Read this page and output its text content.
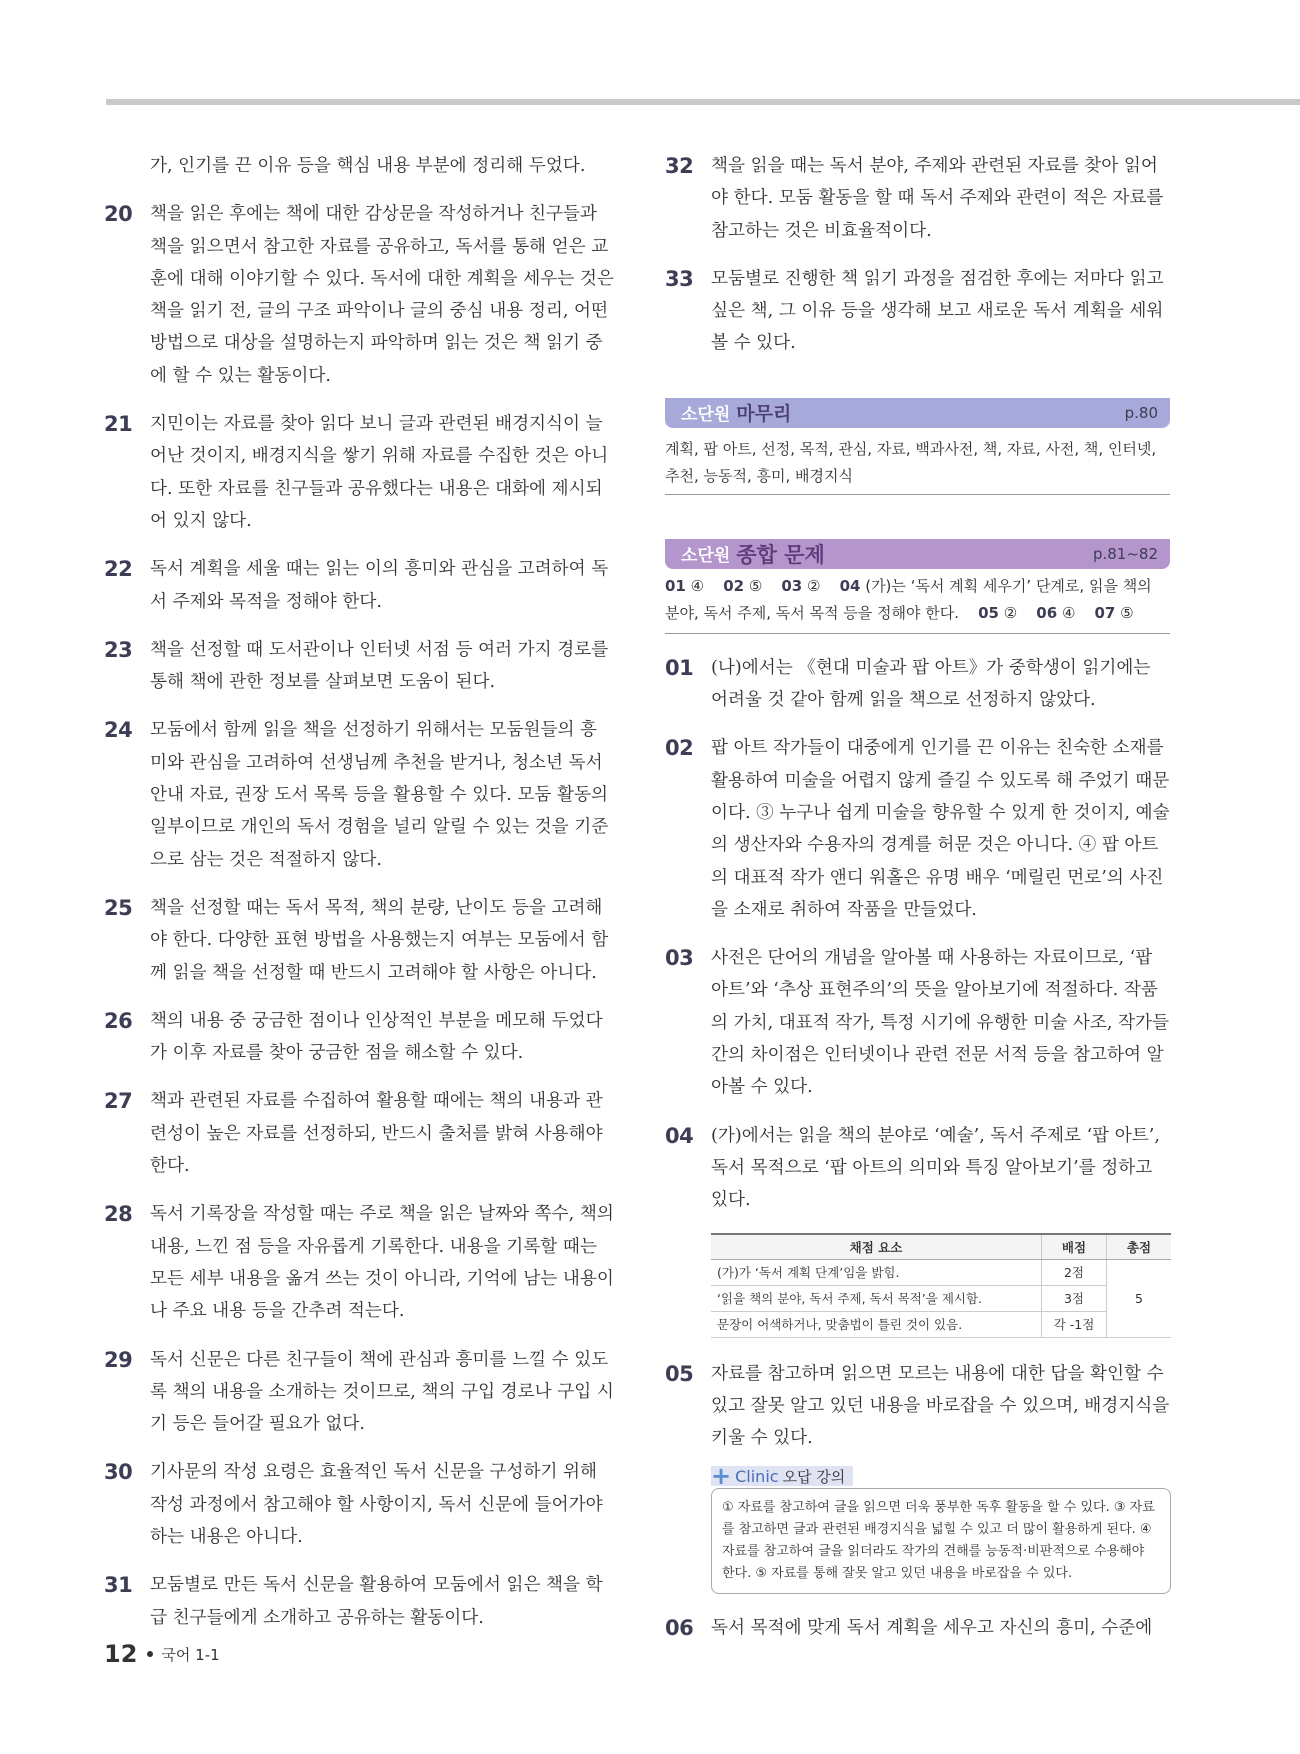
가, 인기를 끈 이유 등을 핵심 내용 부분에 정리해 두었다.
20 책을 읽은 후에는 책에 대한 감상문을 작성하거나 친구들과 책을 읽으면서 참고한 자료를 공유하고, 독서를 통해 얻은 교훈에 대해 이야기할 수 있다. 독서에 대한 계획을 세우는 것은 책을 읽기 전, 글의 구조 파악이나 글의 중심 내용 정리, 어떤 방법으로 대상을 설명하는지 파악하며 읽는 것은 책 읽기 중에 할 수 있는 활동이다.
21 지민이는 자료를 찾아 읽다 보니 글과 관련된 배경지식이 늘어난 것이지, 배경지식을 쌓기 위해 자료를 수집한 것은 아니다. 또한 자료를 친구들과 공유했다는 내용은 대화에 제시되어 있지 않다.
22 독서 계획을 세울 때는 읽는 이의 흥미와 관심을 고려하여 독서 주제와 목적을 정해야 한다.
23 책을 선정할 때 도서관이나 인터넷 서점 등 여러 가지 경로를 통해 책에 관한 정보를 살펴보면 도움이 된다.
24 모둠에서 함께 읽을 책을 선정하기 위해서는 모둠원들의 흥미와 관심을 고려하여 선생님께 추천을 받거나, 청소년 독서 안내 자료, 권장 도서 목록 등을 활용할 수 있다. 모둠 활동의 일부이므로 개인의 독서 경험을 널리 알릴 수 있는 것을 기준으로 삼는 것은 적절하지 않다.
25 책을 선정할 때는 독서 목적, 책의 분량, 난이도 등을 고려해야 한다. 다양한 표현 방법을 사용했는지 여부는 모둠에서 함께 읽을 책을 선정할 때 반드시 고려해야 할 사항은 아니다.
26 책의 내용 중 궁금한 점이나 인상적인 부분을 메모해 두었다가 이후 자료를 찾아 궁금한 점을 해소할 수 있다.
27 책과 관련된 자료를 수집하여 활용할 때에는 책의 내용과 관련성이 높은 자료를 선정하되, 반드시 출처를 밝혀 사용해야 한다.
28 독서 기록장을 작성할 때는 주로 책을 읽은 날짜와 쪽수, 책의 내용, 느낀 점 등을 자유롭게 기록한다. 내용을 기록할 때는 모든 세부 내용을 옮겨 쓰는 것이 아니라, 기억에 남는 내용이나 주요 내용 등을 간추려 적는다.
29 독서 신문은 다른 친구들이 책에 관심과 흥미를 느낄 수 있도록 책의 내용을 소개하는 것이므로, 책의 구입 경로나 구입 시기 등은 들어갈 필요가 없다.
30 기사문의 작성 요령은 효율적인 독서 신문을 구성하기 위해 작성 과정에서 참고해야 할 사항이지, 독서 신문에 들어가야 하는 내용은 아니다.
31 모둠별로 만든 독서 신문을 활용하여 모둠에서 읽은 책을 학급 친구들에게 소개하고 공유하는 활동이다.
32 책을 읽을 때는 독서 분야, 주제와 관련된 자료를 찾아 읽어야 한다. 모둠 활동을 할 때 독서 주제와 관련이 적은 자료를 참고하는 것은 비효율적이다.
33 모둠별로 진행한 책 읽기 과정을 점검한 후에는 저마다 읽고 싶은 책, 그 이유 등을 생각해 보고 새로운 독서 계획을 세워 볼 수 있다.
소단원 마무리	p.80
계획, 팝 아트, 선정, 목적, 관심, 자료, 백과사전, 책, 자료, 사전, 책, 인터넷, 추천, 능동적, 흥미, 배경지식
소단원 종합 문제	p.81~82
01 ④ 02 ⑤ 03 ② 04 (가)는 ‘독서 계획 세우기’ 단계로, 읽을 책의 분야, 독서 주제, 독서 목적 등을 정해야 한다. 05 ② 06 ④ 07 ⑤
01 (나)에서는 《현대 미술과 팝 아트》가 중학생이 읽기에는 어려울 것 같아 함께 읽을 책으로 선정하지 않았다.
02 팝 아트 작가들이 대중에게 인기를 끈 이유는 친숙한 소재를 활용하여 미술을 어렵지 않게 즐길 수 있도록 해 주었기 때문이다. ③ 누구나 쉽게 미술을 향유할 수 있게 한 것이지, 예술의 생산자와 수용자의 경계를 허문 것은 아니다. ④ 팝 아트의 대표적 작가 앤디 워홀은 유명 배우 ‘메릴린 먼로’의 사진을 소재로 취하여 작품을 만들었다.
03 사전은 단어의 개념을 알아볼 때 사용하는 자료이므로, ‘팝 아트’와 ‘추상 표현주의’의 뜻을 알아보기에 적절하다. 작품의 가치, 대표적 작가, 특정 시기에 유행한 미술 사조, 작가들 간의 차이점은 인터넷이나 관련 전문 서적 등을 참고하여 알아볼 수 있다.
04 (가)에서는 읽을 책의 분야로 ‘예술’, 독서 주제로 ‘팝 아트’, 독서 목적으로 ‘팝 아트의 의미와 특징 알아보기’를 정하고 있다.
채점 요소	배점	총점
(가)가 ‘독서 계획 단계’임을 밝힘.	2점	5
‘읽을 책의 분야, 독서 주제, 독서 목적’을 제시함.	3점	
문장이 어색하거나, 맞춤법이 틀린 것이 있음.	각 -1점	
05 자료를 참고하며 읽으면 모르는 내용에 대한 답을 확인할 수 있고 잘못 알고 있던 내용을 바로잡을 수 있으며, 배경지식을 키울 수 있다.
+ Clinic 오답 강의
① 자료를 참고하여 글을 읽으면 더욱 풍부한 독후 활동을 할 수 있다. ③ 자료를 참고하면 글과 관련된 배경지식을 넓힐 수 있고 더 많이 활용하게 된다. ④ 자료를 참고하여 글을 읽더라도 작가의 견해를 능동적·비판적으로 수용해야 한다. ⑤ 자료를 통해 잘못 알고 있던 내용을 바로잡을 수 있다.
06 독서 목적에 맞게 독서 계획을 세우고 자신의 흥미, 수준에
12 국어 1-1
